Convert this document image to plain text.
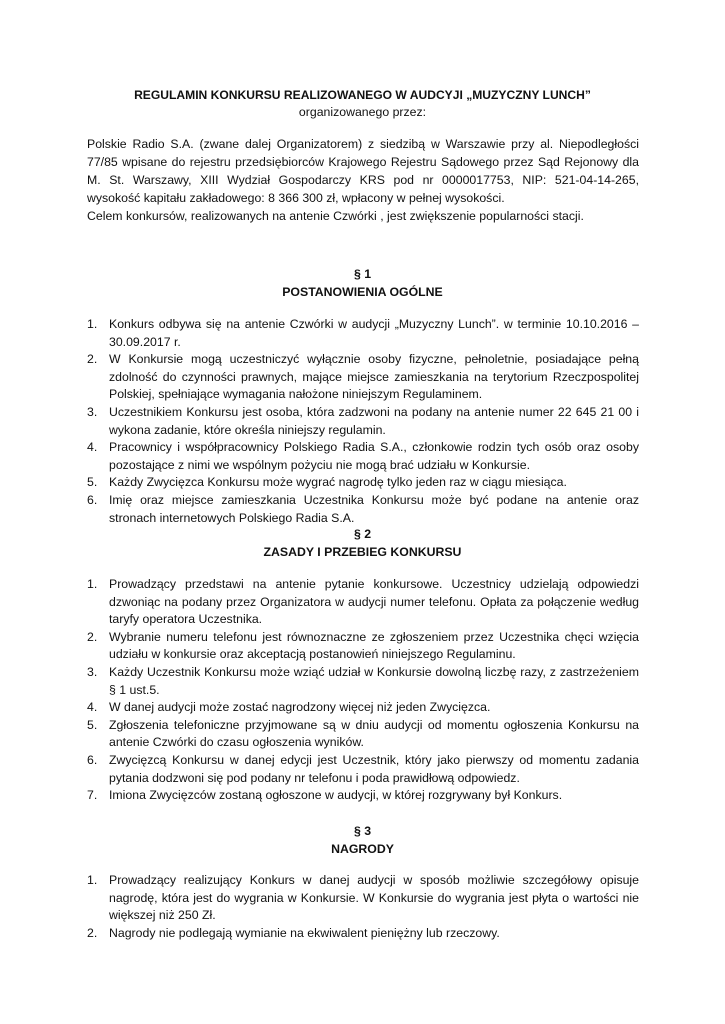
REGULAMIN KONKURSU REALIZOWANEGO W AUDCYJI „MUZYCZNY LUNCH”
organizowanego przez:

Polskie Radio S.A. (zwane dalej Organizatorem) z siedzibą w Warszawie przy al. Niepodległości 77/85 wpisane do rejestru przedsiębiorców Krajowego Rejestru Sądowego przez Sąd Rejonowy dla M. St. Warszawy, XIII Wydział Gospodarczy KRS pod nr 0000017753, NIP: 521-04-14-265, wysokość kapitału zakładowego: 8 366 300 zł, wpłacony w pełnej wysokości.

Celem konkursów, realizowanych na antenie Czwórki , jest zwiększenie popularności stacji.

§ 1
POSTANOWIENIA OGÓLNE
1. Konkurs odbywa się na antenie Czwórki w audycji „Muzyczny Lunch”. w terminie 10.10.2016 – 30.09.2017 r.
2. W Konkursie mogą uczestniczyć wyłącznie osoby fizyczne, pełnoletnie, posiadające pełną zdolność do czynności prawnych, mające miejsce zamieszkania na terytorium Rzeczpospolitej Polskiej, spełniające wymagania nałożone niniejszym Regulaminem.
3. Uczestnikiem Konkursu jest osoba, która zadzwoni na podany na antenie numer 22 645 21 00 i wykona zadanie, które określa niniejszy regulamin.
4. Pracownicy i współpracownicy Polskiego Radia S.A., członkowie rodzin tych osób oraz osoby pozostające z nimi we wspólnym pożyciu nie mogą brać udziału w Konkursie.
5. Każdy Zwycięzca Konkursu może wygrać nagrodę tylko jeden raz w ciągu miesiąca.
6. Imię oraz miejsce zamieszkania Uczestnika Konkursu może być podane na antenie oraz stronach internetowych Polskiego Radia S.A.
§ 2
ZASADY I PRZEBIEG KONKURSU
1. Prowadzący przedstawi na antenie pytanie konkursowe. Uczestnicy udzielają odpowiedzi dzwoniąc na podany przez Organizatora w audycji numer telefonu. Opłata za połączenie według taryfy operatora Uczestnika.
2. Wybranie numeru telefonu jest równoznaczne ze zgłoszeniem przez Uczestnika chęci wzięcia udziału w konkursie oraz akceptacją postanowień niniejszego Regulaminu.
3. Każdy Uczestnik Konkursu może wziąć udział w Konkursie dowolną liczbę razy, z zastrzeżeniem § 1 ust.5.
4. W danej audycji może zostać nagrodzony więcej niż jeden Zwycięzca.
5. Zgłoszenia telefoniczne przyjmowane są w dniu audycji od momentu ogłoszenia Konkursu na antenie Czwórki do czasu ogłoszenia wyników.
6. Zwycięzcą Konkursu w danej edycji jest Uczestnik, który jako pierwszy od momentu zadania pytania dodzwoni się pod podany nr telefonu i poda prawidłową odpowiedz.
7. Imiona Zwycięzców zostaną ogłoszone w audycji, w której rozgrywany był Konkurs.
§ 3
NAGRODY
1. Prowadzący realizujący Konkurs w danej audycji w sposób możliwie szczegółowy opisuje nagrodę, która jest do wygrania w Konkursie. W Konkursie do wygrania jest płyta o wartości nie większej niż 250 Zł.
2. Nagrody nie podlegają wymianie na ekwiwalent pieniężny lub rzeczowy.
